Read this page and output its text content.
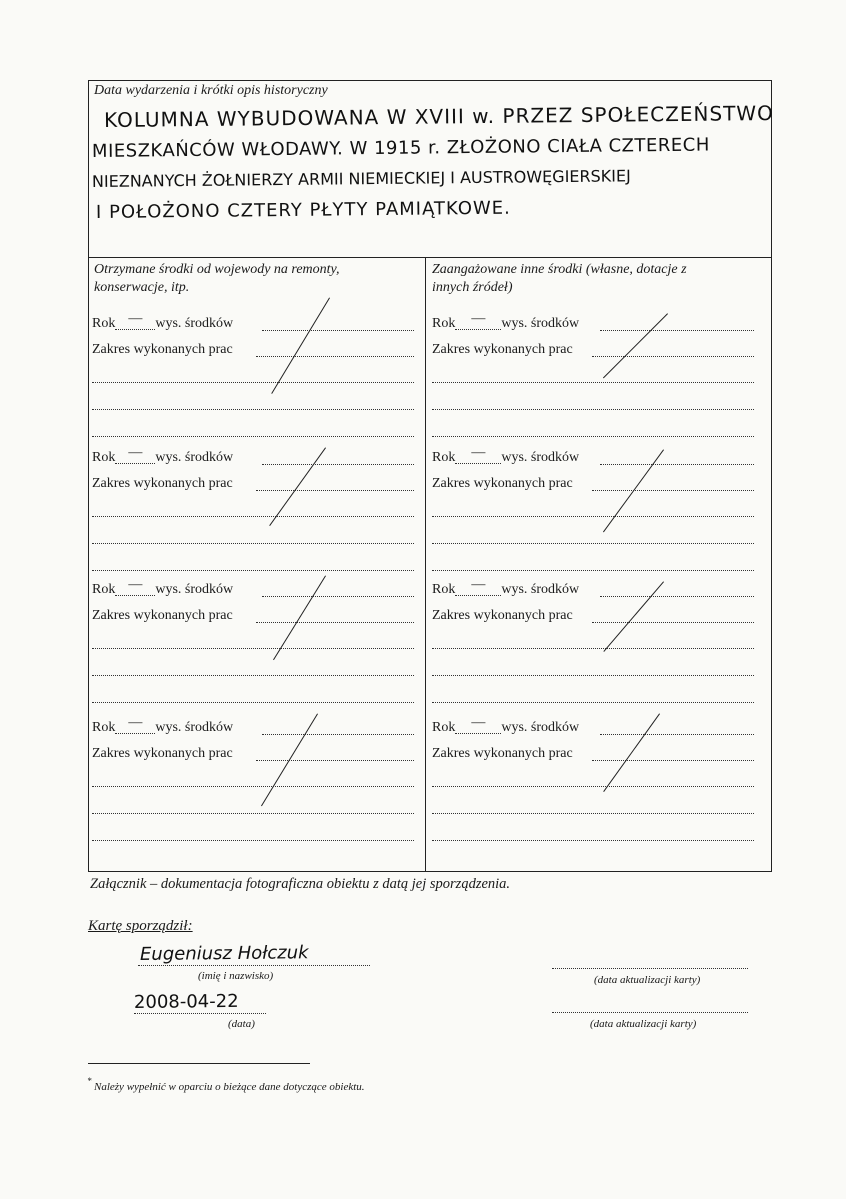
Data wydarzenia i krótki opis historyczny
KOLUMNA WYBUDOWANA W XVIII w. PRZEZ SPOŁECZEŃSTWO
MIESZKAŃCÓW WŁODAWY. W 1915 r. ZŁOŻONO CIAŁA CZTERECH
NIEZNANYCH ŻOŁNIERZY ARMII NIEMIECKIEJ I AUSTROWĘGIERSKIEJ
I POŁOŻONO CZTERY PŁYTY PAMIĄTKOWE.
Otrzymane środki od wojewody na remonty,
konserwacje, itp.
Zaangażowane inne środki (własne, dotacje z
innych źródeł)
Rok — wys. środków
Zakres wykonanych prac
Rok — wys. środków
Zakres wykonanych prac
Rok — wys. środków
Zakres wykonanych prac
Rok — wys. środków
Zakres wykonanych prac
Rok — wys. środków
Zakres wykonanych prac
Rok — wys. środków
Zakres wykonanych prac
Rok — wys. środków
Zakres wykonanych prac
Rok — wys. środków
Zakres wykonanych prac
Załącznik – dokumentacja fotograficzna obiektu z datą jej sporządzenia.
Kartę sporządził:
Eugeniusz Hołczuk
(imię i nazwisko)
2008-04-22
(data)
(data aktualizacji karty)
(data aktualizacji karty)
* Należy wypełnić w oparciu o bieżące dane dotyczące obiektu.
